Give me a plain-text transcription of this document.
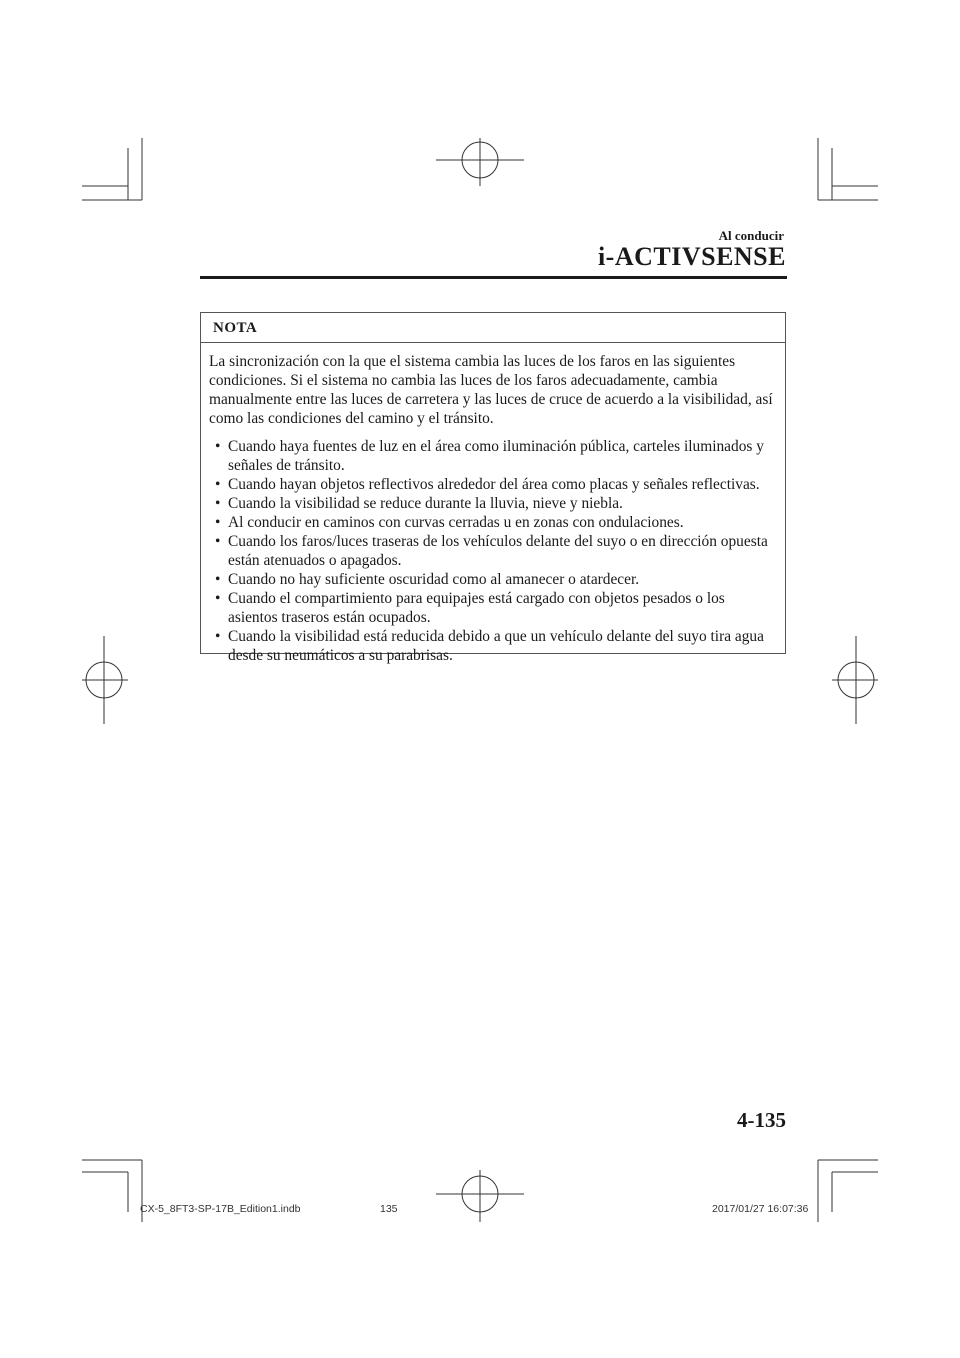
Al conducir
i-ACTIVSENSE
NOTA

La sincronización con la que el sistema cambia las luces de los faros en las siguientes condiciones. Si el sistema no cambia las luces de los faros adecuadamente, cambia manualmente entre las luces de carretera y las luces de cruce de acuerdo a la visibilidad, así como las condiciones del camino y el tránsito.

• Cuando haya fuentes de luz en el área como iluminación pública, carteles iluminados y señales de tránsito.
• Cuando hayan objetos reflectivos alrededor del área como placas y señales reflectivas.
• Cuando la visibilidad se reduce durante la lluvia, nieve y niebla.
• Al conducir en caminos con curvas cerradas u en zonas con ondulaciones.
• Cuando los faros/luces traseras de los vehículos delante del suyo o en dirección opuesta están atenuados o apagados.
• Cuando no hay suficiente oscuridad como al amanecer o atardecer.
• Cuando el compartimiento para equipajes está cargado con objetos pesados o los asientos traseros están ocupados.
• Cuando la visibilidad está reducida debido a que un vehículo delante del suyo tira agua desde su neumáticos a su parabrisas.
4-135
CX-5_8FT3-SP-17B_Edition1.indb	135	2017/01/27 16:07:36
